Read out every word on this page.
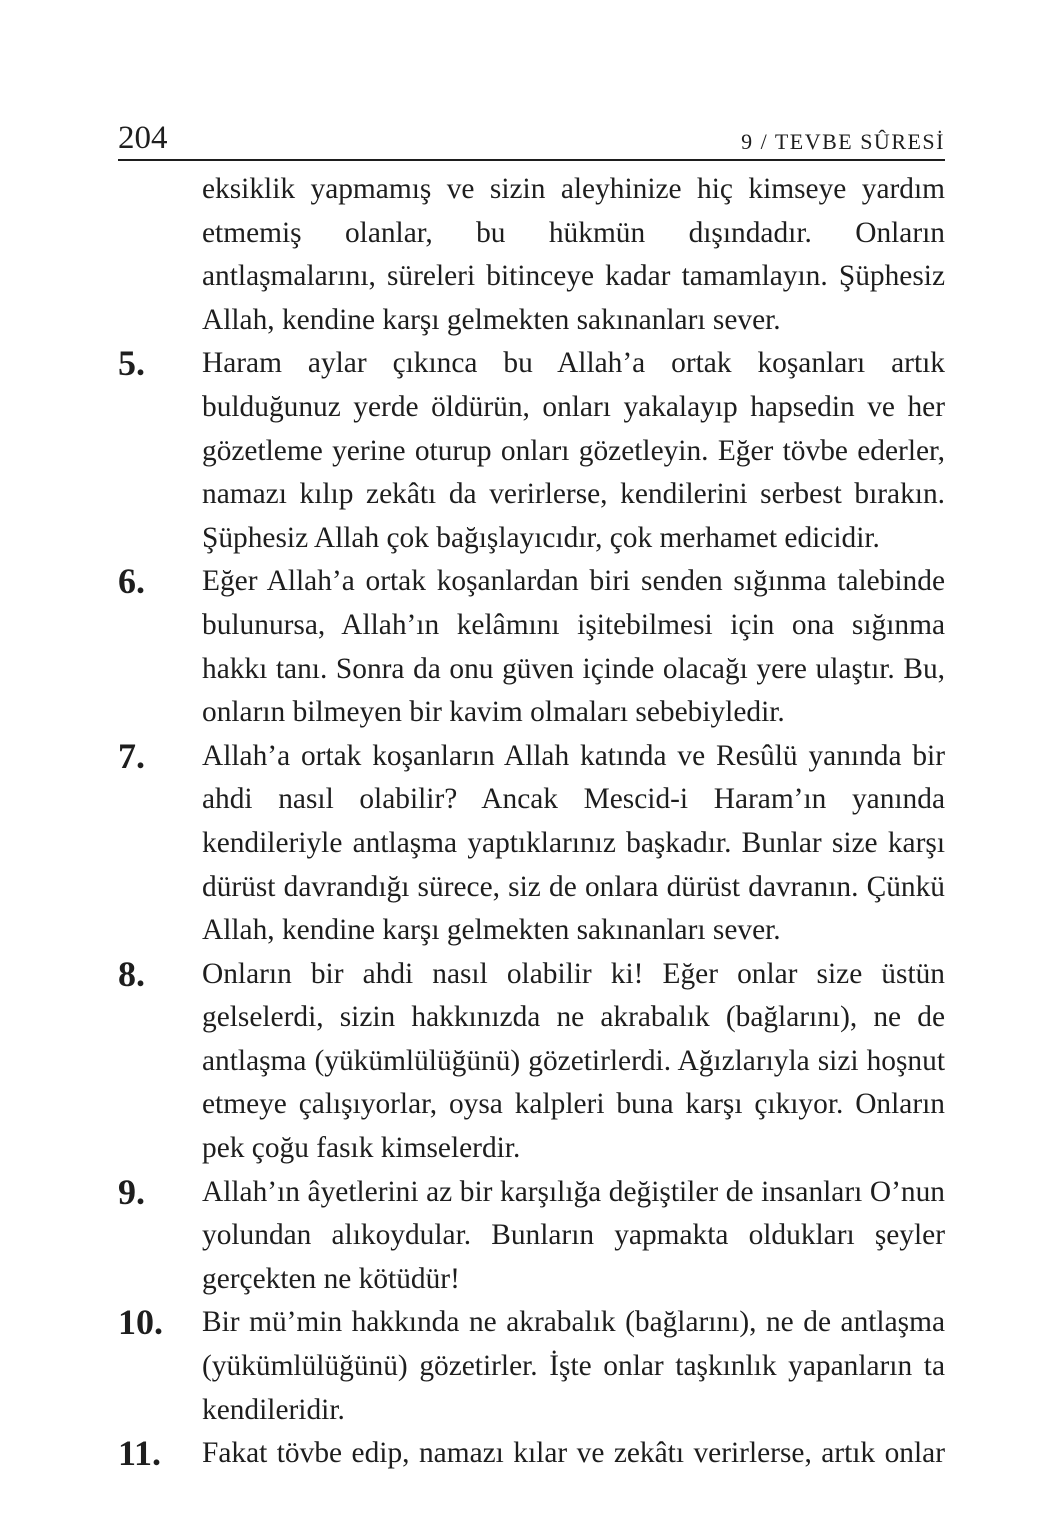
204	9 / TEVBE SÛRESİ
eksiklik yapmamış ve sizin aleyhinize hiç kimseye yardım etmemiş olanlar, bu hükmün dışındadır. Onların antlaşmalarını, süreleri bitinceye kadar tamamlayın. Şüphesiz Allah, kendine karşı gelmekten sakınanları sever.
5. Haram aylar çıkınca bu Allah’a ortak koşanları artık bulduğunuz yerde öldürün, onları yakalayıp hapsedin ve her gözetleme yerine oturup onları gözetleyin. Eğer tövbe ederler, namazı kılıp zekâtı da verirlerse, kendilerini serbest bırakın. Şüphesiz Allah çok bağışlayıcıdır, çok merhamet edicidir.
6. Eğer Allah’a ortak koşanlardan biri senden sığınma talebinde bulunursa, Allah’ın kelâmını işitebilmesi için ona sığınma hakkı tanı. Sonra da onu güven içinde olacağı yere ulaştır. Bu, onların bilmeyen bir kavim olmaları sebebiyledir.
7. Allah’a ortak koşanların Allah katında ve Resûlü yanında bir ahdi nasıl olabilir? Ancak Mescid-i Haram’ın yanında kendileriyle antlaşma yaptıklarınız başkadır. Bunlar size karşı dürüst davrandığı sürece, siz de onlara dürüst davranın. Çünkü Allah, kendine karşı gelmekten sakınanları sever.
8. Onların bir ahdi nasıl olabilir ki! Eğer onlar size üstün gelselerdi, sizin hakkınızda ne akrabalık (bağlarını), ne de antlaşma (yükümlülüğünü) gözetirlerdi. Ağızlarıyla sizi hoşnut etmeye çalışıyorlar, oysa kalpleri buna karşı çıkıyor. Onların pek çoğu fasık kimselerdir.
9. Allah’ın âyetlerini az bir karşılığa değiştiler de insanları O’nun yolundan alıkoydular. Bunların yapmakta oldukları şeyler gerçekten ne kötüdür!
10. Bir mü’min hakkında ne akrabalık (bağlarını), ne de antlaşma (yükümlülüğünü) gözetirler. İşte onlar taşkınlık yapanların ta kendileridir.
11. Fakat tövbe edip, namazı kılar ve zekâtı verirlerse, artık onlar
